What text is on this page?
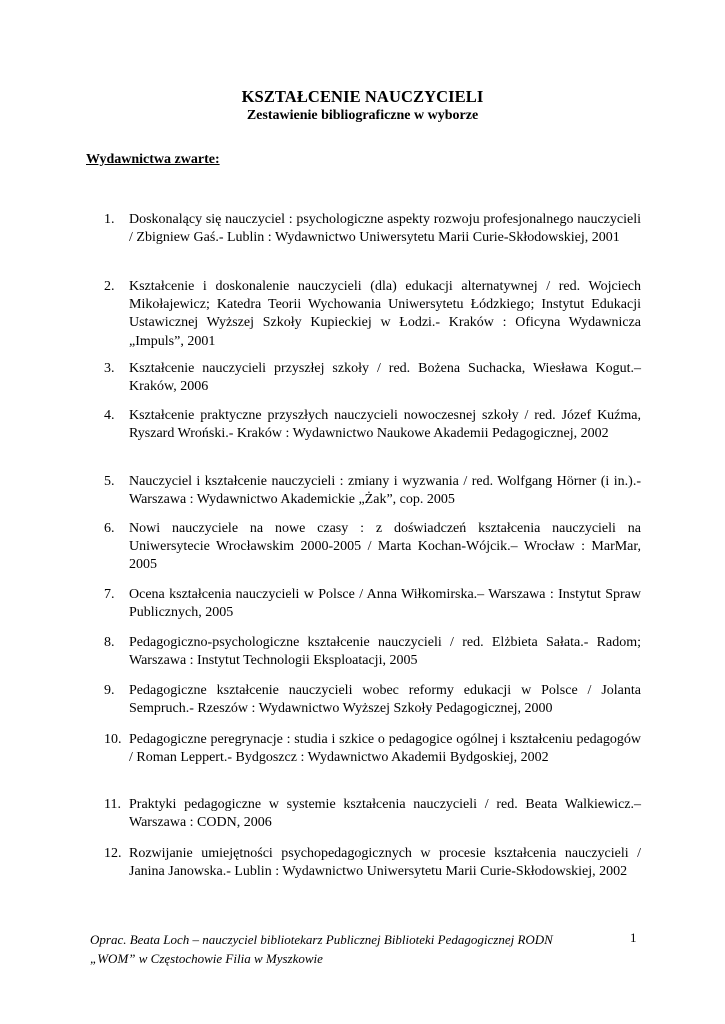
KSZTAŁCENIE NAUCZYCIELI
Zestawienie bibliograficzne w wyborze
Wydawnictwa zwarte:
1. Doskonalący się nauczyciel : psychologiczne aspekty rozwoju profesjonalnego nauczycieli / Zbigniew Gaś.- Lublin : Wydawnictwo Uniwersytetu Marii Curie-Skłodowskiej, 2001
2. Kształcenie i doskonalenie nauczycieli (dla) edukacji alternatywnej / red. Wojciech Mikołajewicz; Katedra Teorii Wychowania Uniwersytetu Łódzkiego; Instytut Edukacji Ustawicznej Wyższej Szkoły Kupieckiej w Łodzi.- Kraków : Oficyna Wydawnicza „Impuls”, 2001
3. Kształcenie nauczycieli przyszłej szkoły / red. Bożena Suchacka, Wiesława Kogut.– Kraków, 2006
4. Kształcenie praktyczne przyszłych nauczycieli nowoczesnej szkoły / red. Józef Kuźma, Ryszard Wroński.- Kraków : Wydawnictwo Naukowe Akademii Pedagogicznej, 2002
5. Nauczyciel i kształcenie nauczycieli : zmiany i wyzwania / red. Wolfgang Hörner (i in.).- Warszawa : Wydawnictwo Akademickie „Żak”, cop. 2005
6. Nowi nauczyciele na nowe czasy : z doświadczeń kształcenia nauczycieli na Uniwersytecie Wrocławskim 2000-2005 / Marta Kochan-Wójcik.– Wrocław : MarMar, 2005
7. Ocena kształcenia nauczycieli w Polsce / Anna Wiłkomirska.– Warszawa : Instytut Spraw Publicznych, 2005
8. Pedagogiczno-psychologiczne kształcenie nauczycieli / red. Elżbieta Sałata.- Radom; Warszawa : Instytut Technologii Eksploatacji, 2005
9. Pedagogiczne kształcenie nauczycieli wobec reformy edukacji w Polsce / Jolanta Sempruch.- Rzeszów : Wydawnictwo Wyższej Szkoły Pedagogicznej, 2000
10. Pedagogiczne peregrynacje : studia i szkice o pedagogice ogólnej i kształceniu pedagogów / Roman Leppert.- Bydgoszcz : Wydawnictwo Akademii Bydgoskiej, 2002
11. Praktyki pedagogiczne w systemie kształcenia nauczycieli / red. Beata Walkiewicz.– Warszawa : CODN, 2006
12. Rozwijanie umiejętności psychopedagogicznych w procesie kształcenia nauczycieli / Janina Janowska.- Lublin : Wydawnictwo Uniwersytetu Marii Curie-Skłodowskiej, 2002
Oprac. Beata Loch – nauczyciel bibliotekarz Publicznej Biblioteki Pedagogicznej RODN
„WOM” w Częstochowie Filia w Myszkowie
1
